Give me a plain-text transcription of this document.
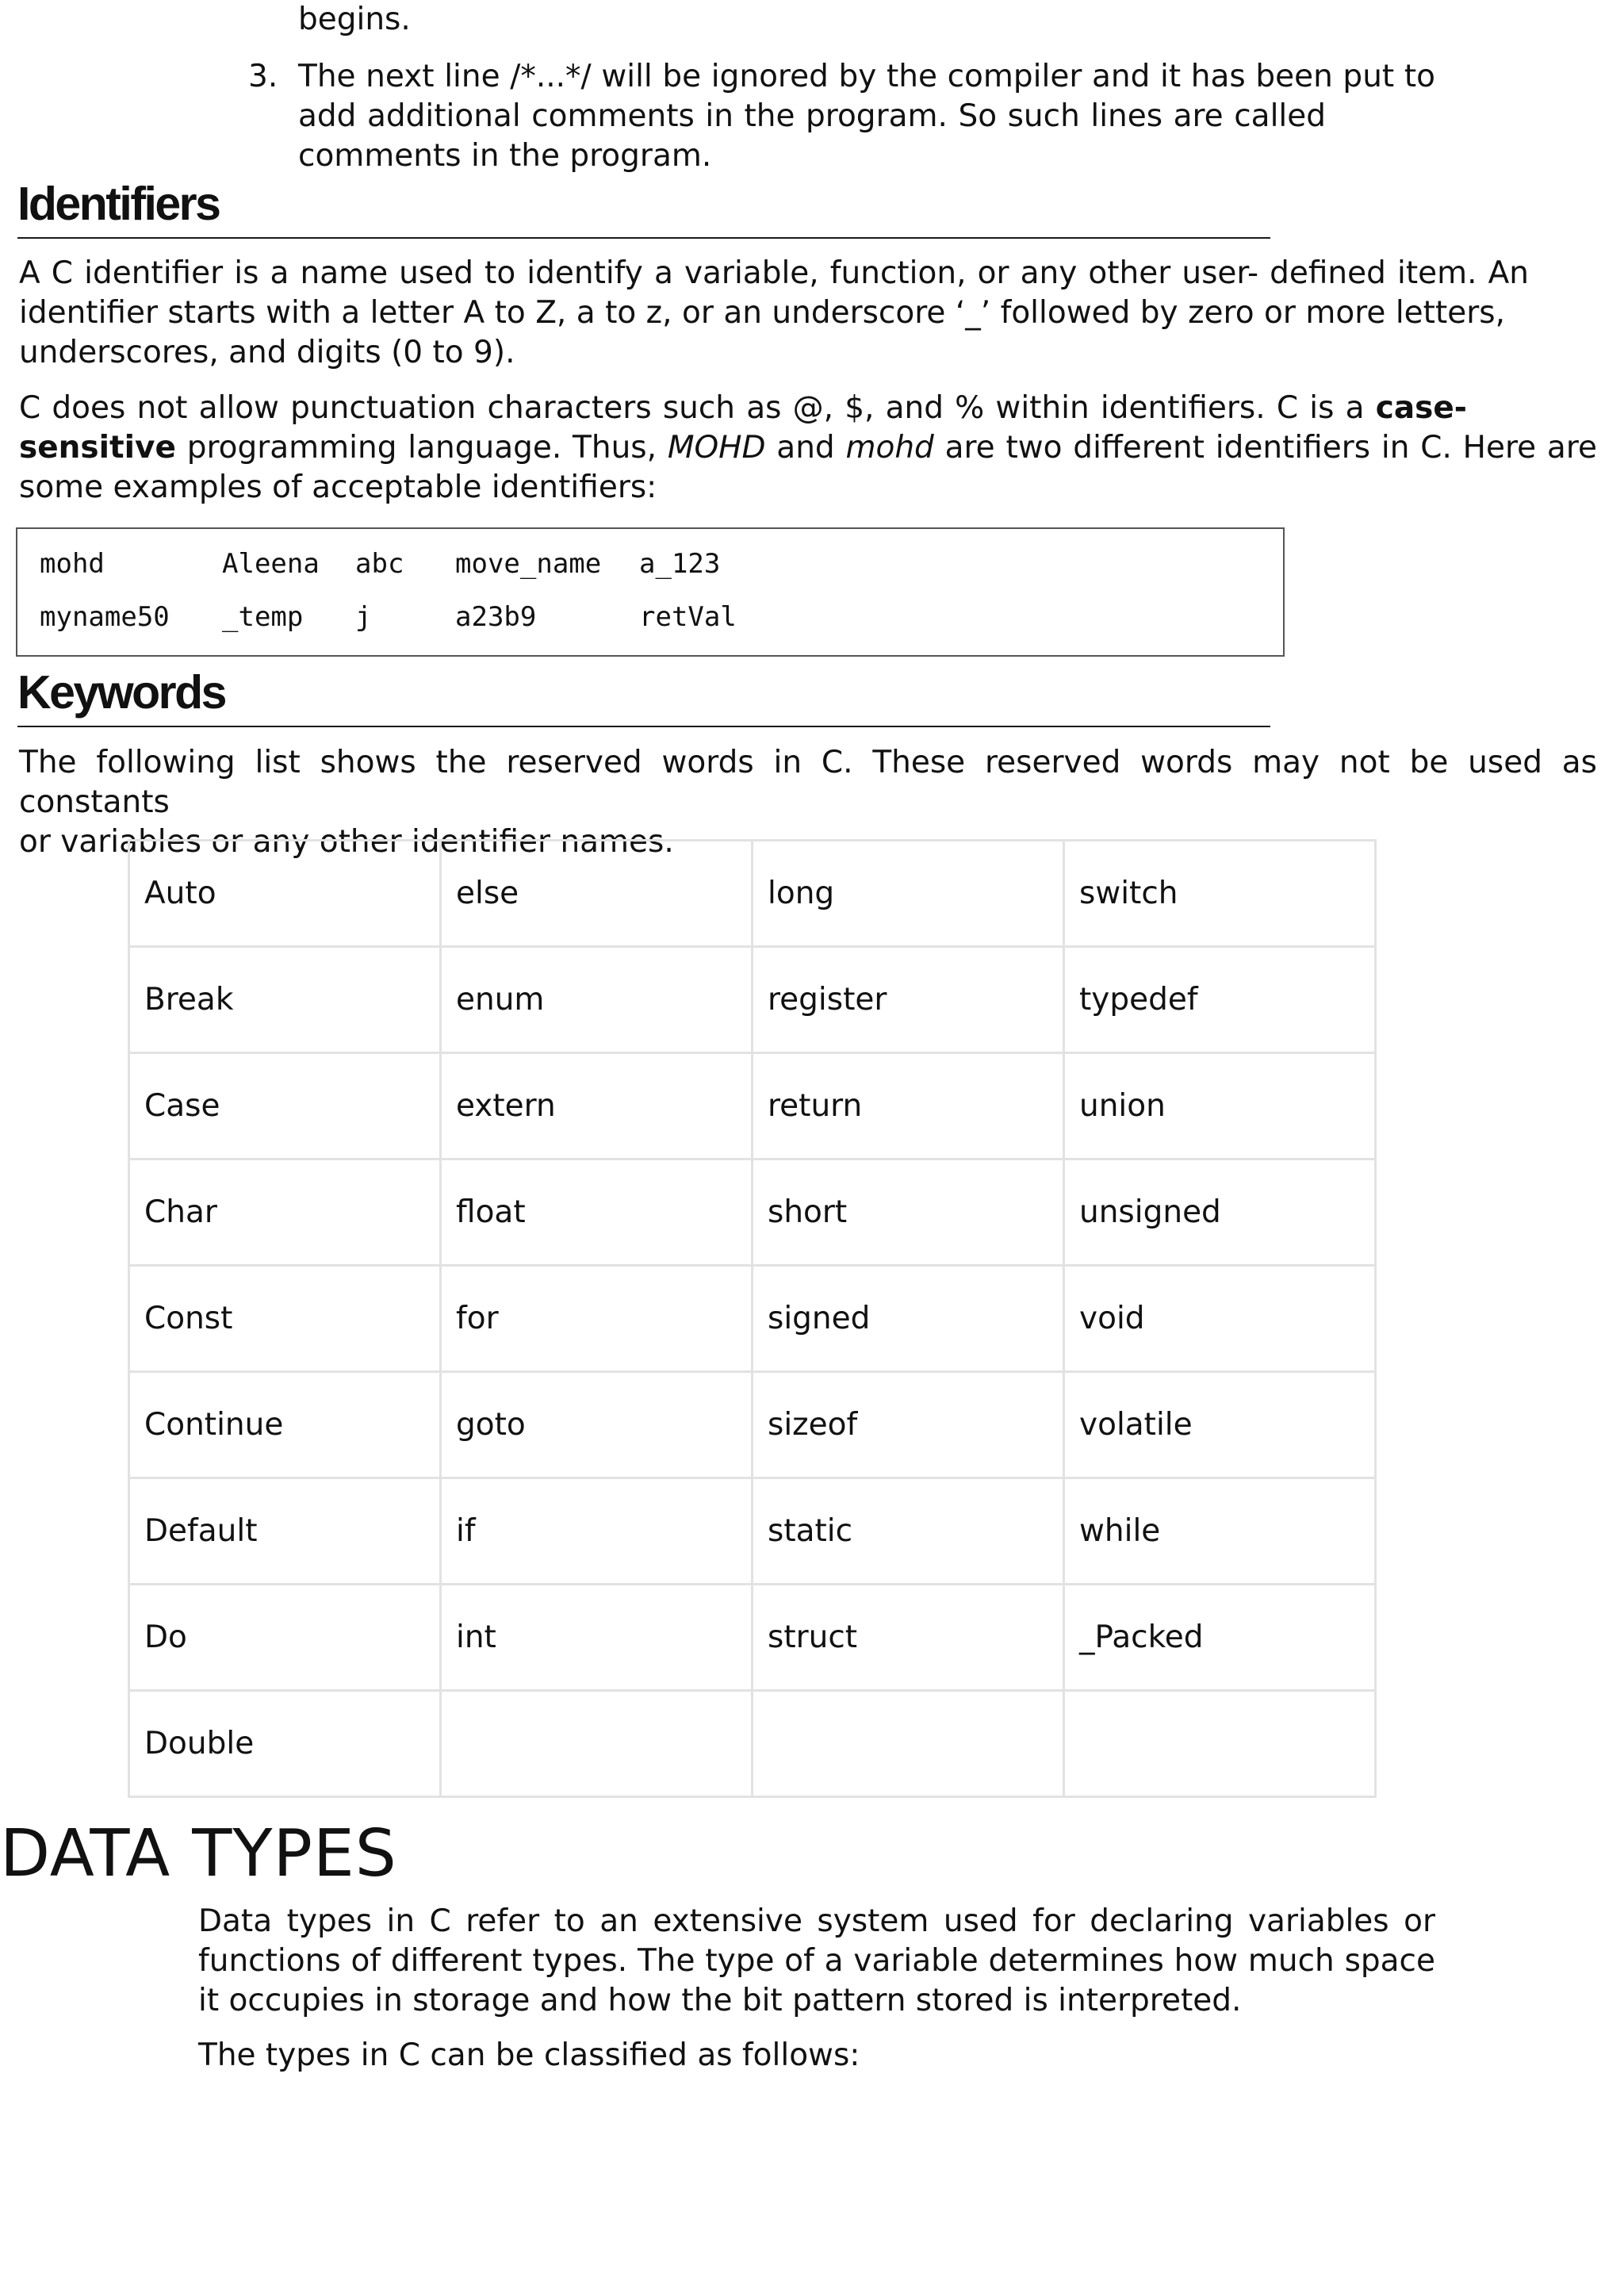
begins.
3. The next line /*...*/ will be ignored by the compiler and it has been put to
add additional comments in the program. So such lines are called
comments in the program.
Identifiers
A C identifier is a name used to identify a variable, function, or any other user- defined item. An
identifier starts with a letter A to Z, a to z, or an underscore ‘_’ followed by zero or more letters,
underscores, and digits (0 to 9).
C does not allow punctuation characters such as @, $, and % within identifiers. C is a case-
sensitive programming language. Thus, MOHD and mohd are two different identifiers in C. Here are
some examples of acceptable identifiers:
mohd	Aleena abc move_name a_123
myname50 _temp j	a23b9	retVal
Keywords
The following list shows the reserved words in C. These reserved words may not be used as constants
or variables or any other identifier names.
Auto	else	long	switch
Break	enum	register	typedef
Case	extern	return	union
Char	float	short	unsigned
Const	for	signed	void
Continue	goto	sizeof	volatile
Default	if	static	while
Do	int	struct	_Packed
Double			
DATA TYPES
Data types in C refer to an extensive system used for declaring variables or
functions of different types. The type of a variable determines how much space
it occupies in storage and how the bit pattern stored is interpreted.
The types in C can be classified as follows:
